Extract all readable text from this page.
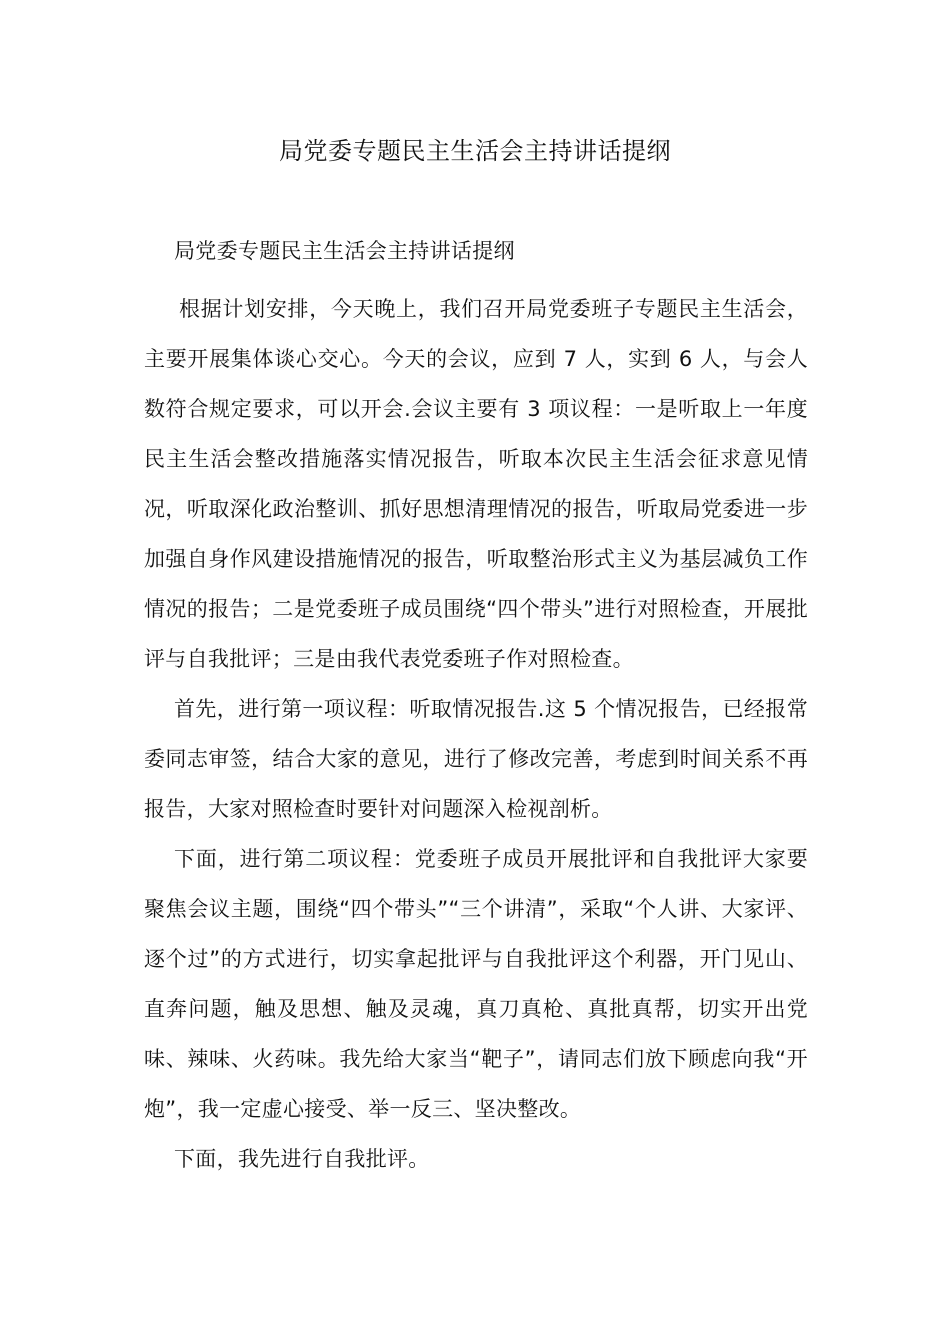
局党委专题民主生活会主持讲话提纲

局党委专题民主生活会主持讲话提纲

根据计划安排，今天晚上，我们召开局党委班子专题民主生活会，主要开展集体谈心交心。今天的会议，应到 7 人，实到 6 人，与会人数符合规定要求，可以开会.会议主要有 3 项议程：一是听取上一年度民主生活会整改措施落实情况报告，听取本次民主生活会征求意见情况，听取深化政治整训、抓好思想清理情况的报告，听取局党委进一步加强自身作风建设措施情况的报告，听取整治形式主义为基层减负工作情况的报告；二是党委班子成员围绕“四个带头”进行对照检查，开展批评与自我批评；三是由我代表党委班子作对照检查。

首先，进行第一项议程：听取情况报告.这 5 个情况报告，已经报常委同志审签，结合大家的意见，进行了修改完善，考虑到时间关系不再报告，大家对照检查时要针对问题深入检视剖析。

下面，进行第二项议程：党委班子成员开展批评和自我批评大家要聚焦会议主题，围绕“四个带头”“三个讲清”，采取“个人讲、大家评、逐个过”的方式进行，切实拿起批评与自我批评这个利器，开门见山、直奔问题，触及思想、触及灵魂，真刀真枪、真批真帮，切实开出党味、辣味、火药味。我先给大家当“靶子”，请同志们放下顾虑向我“开炮”，我一定虚心接受、举一反三、坚决整改。

下面，我先进行自我批评。
